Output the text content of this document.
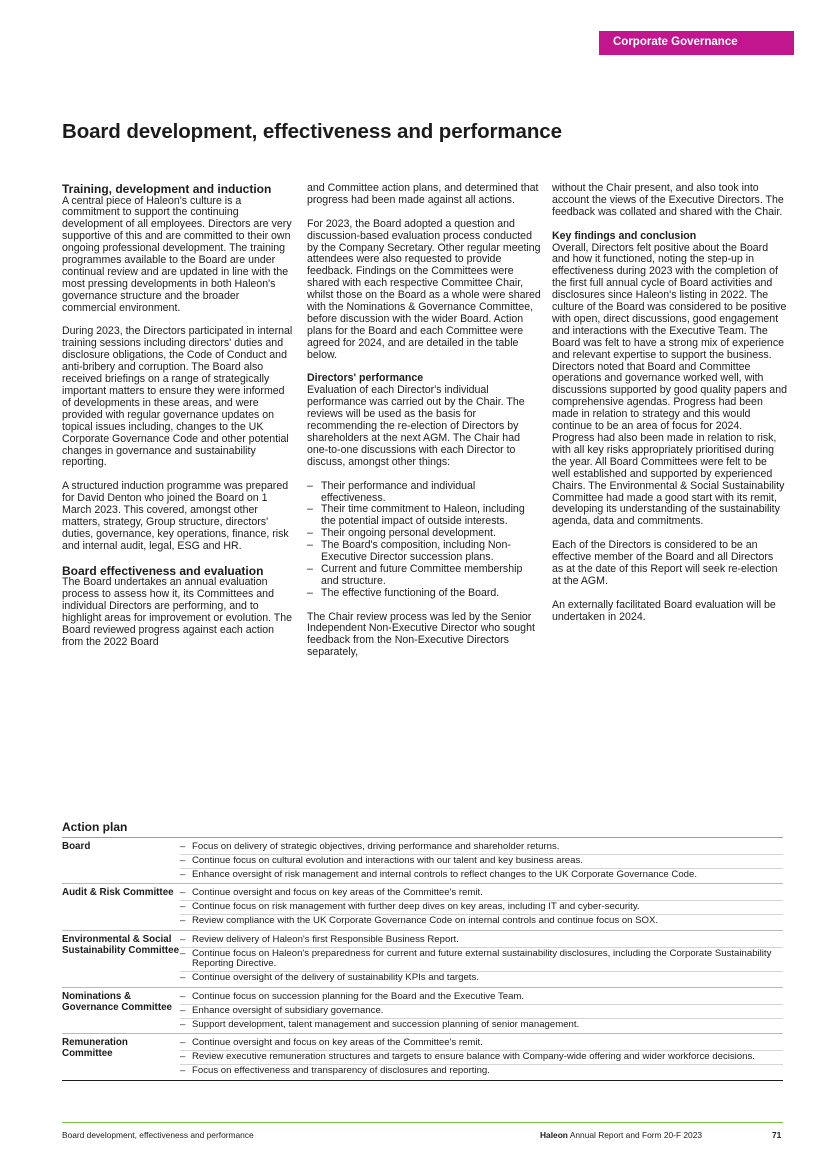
Corporate Governance
Board development, effectiveness and performance
Training, development and induction

A central piece of Haleon's culture is a commitment to support the continuing development of all employees. Directors are very supportive of this and are committed to their own ongoing professional development. The training programmes available to the Board are under continual review and are updated in line with the most pressing developments in both Haleon's governance structure and the broader commercial environment.

During 2023, the Directors participated in internal training sessions including directors' duties and disclosure obligations, the Code of Conduct and anti-bribery and corruption. The Board also received briefings on a range of strategically important matters to ensure they were informed of developments in these areas, and were provided with regular governance updates on topical issues including, changes to the UK Corporate Governance Code and other potential changes in governance and sustainability reporting.

A structured induction programme was prepared for David Denton who joined the Board on 1 March 2023. This covered, amongst other matters, strategy, Group structure, directors' duties, governance, key operations, finance, risk and internal audit, legal, ESG and HR.

Board effectiveness and evaluation

The Board undertakes an annual evaluation process to assess how it, its Committees and individual Directors are performing, and to highlight areas for improvement or evolution. The Board reviewed progress against each action from the 2022 Board

and Committee action plans, and determined that progress had been made against all actions.

For 2023, the Board adopted a question and discussion-based evaluation process conducted by the Company Secretary. Other regular meeting attendees were also requested to provide feedback. Findings on the Committees were shared with each respective Committee Chair, whilst those on the Board as a whole were shared with the Nominations & Governance Committee, before discussion with the wider Board. Action plans for the Board and each Committee were agreed for 2024, and are detailed in the table below.

Directors' performance

Evaluation of each Director's individual performance was carried out by the Chair. The reviews will be used as the basis for recommending the re-election of Directors by shareholders at the next AGM. The Chair had one-to-one discussions with each Director to discuss, amongst other things:

– Their performance and individual effectiveness.
– Their time commitment to Haleon, including the potential impact of outside interests.
– Their ongoing personal development.
– The Board's composition, including Non-Executive Director succession plans.
– Current and future Committee membership and structure.
– The effective functioning of the Board.

The Chair review process was led by the Senior Independent Non-Executive Director who sought feedback from the Non-Executive Directors separately,

without the Chair present, and also took into account the views of the Executive Directors. The feedback was collated and shared with the Chair.

Key findings and conclusion

Overall, Directors felt positive about the Board and how it functioned, noting the step-up in effectiveness during 2023 with the completion of the first full annual cycle of Board activities and disclosures since Haleon's listing in 2022. The culture of the Board was considered to be positive with open, direct discussions, good engagement and interactions with the Executive Team. The Board was felt to have a strong mix of experience and relevant expertise to support the business. Directors noted that Board and Committee operations and governance worked well, with discussions supported by good quality papers and comprehensive agendas. Progress had been made in relation to strategy and this would continue to be an area of focus for 2024. Progress had also been made in relation to risk, with all key risks appropriately prioritised during the year. All Board Committees were felt to be well established and supported by experienced Chairs. The Environmental & Social Sustainability Committee had made a good start with its remit, developing its understanding of the sustainability agenda, data and commitments.

Each of the Directors is considered to be an effective member of the Board and all Directors as at the date of this Report will seek re-election at the AGM.

An externally facilitated Board evaluation will be undertaken in 2024.

Action plan
Board	– Focus on delivery of strategic objectives, driving performance and shareholder returns.
– Continue focus on cultural evolution and interactions with our talent and key business areas.
– Enhance oversight of risk management and internal controls to reflect changes to the UK Corporate Governance Code.
Audit & Risk Committee	– Continue oversight and focus on key areas of the Committee's remit.
– Continue focus on risk management with further deep dives on key areas, including IT and cyber-security.
– Review compliance with the UK Corporate Governance Code on internal controls and continue focus on SOX.
Environmental & Social Sustainability Committee
– Review delivery of Haleon's first Responsible Business Report.
– Continue focus on Haleon's preparedness for current and future external sustainability disclosures, including the Corporate Sustainability Reporting Directive.
– Continue oversight of the delivery of sustainability KPIs and targets.
Nominations & Governance Committee
– Continue focus on succession planning for the Board and the Executive Team.
– Enhance oversight of subsidiary governance.
– Support development, talent management and succession planning of senior management.
Remuneration Committee
– Continue oversight and focus on key areas of the Committee's remit.
– Review executive remuneration structures and targets to ensure balance with Company-wide offering and wider workforce decisions.
– Focus on effectiveness and transparency of disclosures and reporting.
Board development, effectiveness and performance	Haleon Annual Report and Form 20-F 2023	71
